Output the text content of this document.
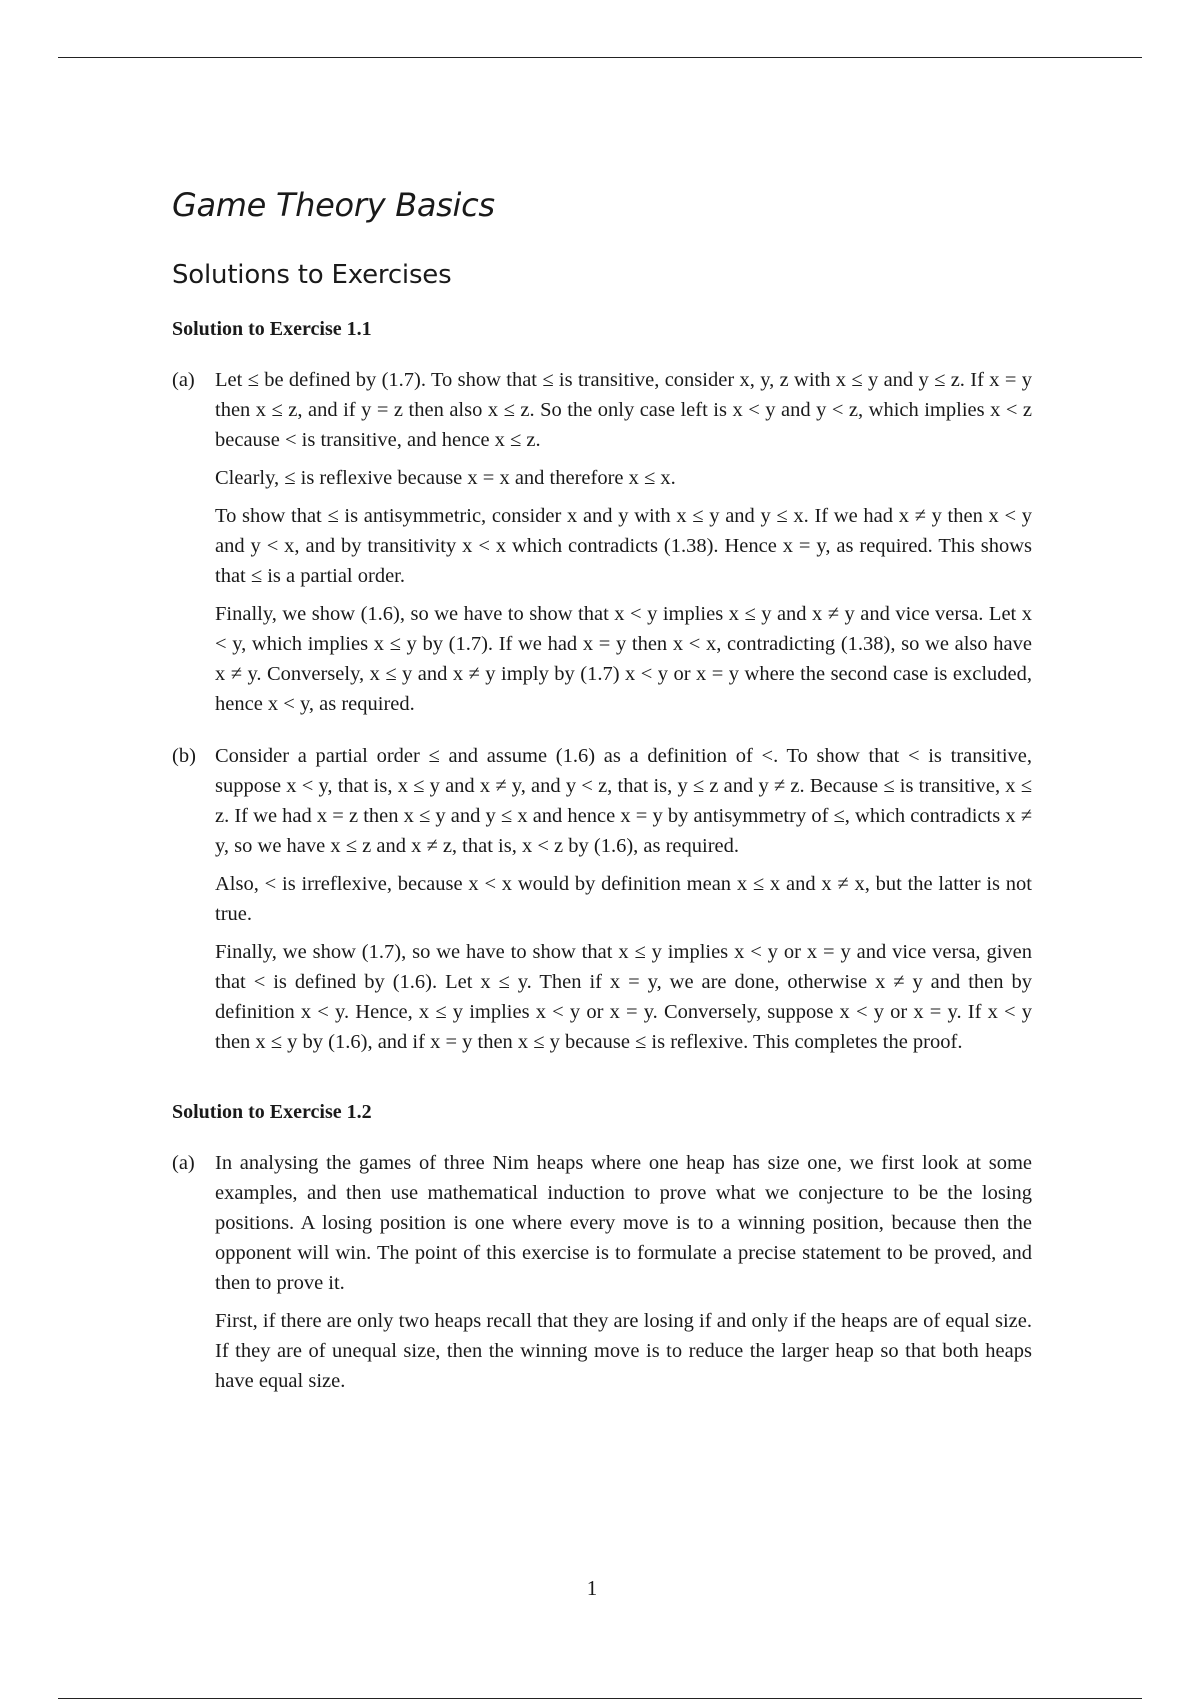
Game Theory Basics
Solutions to Exercises
Solution to Exercise 1.1
(a) Let ≤ be defined by (1.7). To show that ≤ is transitive, consider x, y, z with x ≤ y and y ≤ z. If x = y then x ≤ z, and if y = z then also x ≤ z. So the only case left is x < y and y < z, which implies x < z because < is transitive, and hence x ≤ z.

Clearly, ≤ is reflexive because x = x and therefore x ≤ x.

To show that ≤ is antisymmetric, consider x and y with x ≤ y and y ≤ x. If we had x ≠ y then x < y and y < x, and by transitivity x < x which contradicts (1.38). Hence x = y, as required. This shows that ≤ is a partial order.

Finally, we show (1.6), so we have to show that x < y implies x ≤ y and x ≠ y and vice versa. Let x < y, which implies x ≤ y by (1.7). If we had x = y then x < x, contradicting (1.38), so we also have x ≠ y. Conversely, x ≤ y and x ≠ y imply by (1.7) x < y or x = y where the second case is excluded, hence x < y, as required.

(b) Consider a partial order ≤ and assume (1.6) as a definition of <. To show that < is transitive, suppose x < y, that is, x ≤ y and x ≠ y, and y < z, that is, y ≤ z and y ≠ z. Because ≤ is transitive, x ≤ z. If we had x = z then x ≤ y and y ≤ x and hence x = y by antisymmetry of ≤, which contradicts x ≠ y, so we have x ≤ z and x ≠ z, that is, x < z by (1.6), as required.

Also, < is irreflexive, because x < x would by definition mean x ≤ x and x ≠ x, but the latter is not true.

Finally, we show (1.7), so we have to show that x ≤ y implies x < y or x = y and vice versa, given that < is defined by (1.6). Let x ≤ y. Then if x = y, we are done, otherwise x ≠ y and then by definition x < y. Hence, x ≤ y implies x < y or x = y. Conversely, suppose x < y or x = y. If x < y then x ≤ y by (1.6), and if x = y then x ≤ y because ≤ is reflexive. This completes the proof.

Solution to Exercise 1.2
(a) In analysing the games of three Nim heaps where one heap has size one, we first look at some examples, and then use mathematical induction to prove what we conjecture to be the losing positions. A losing position is one where every move is to a winning position, because then the opponent will win. The point of this exercise is to formulate a precise statement to be proved, and then to prove it.

First, if there are only two heaps recall that they are losing if and only if the heaps are of equal size. If they are of unequal size, then the winning move is to reduce the larger heap so that both heaps have equal size.

1
